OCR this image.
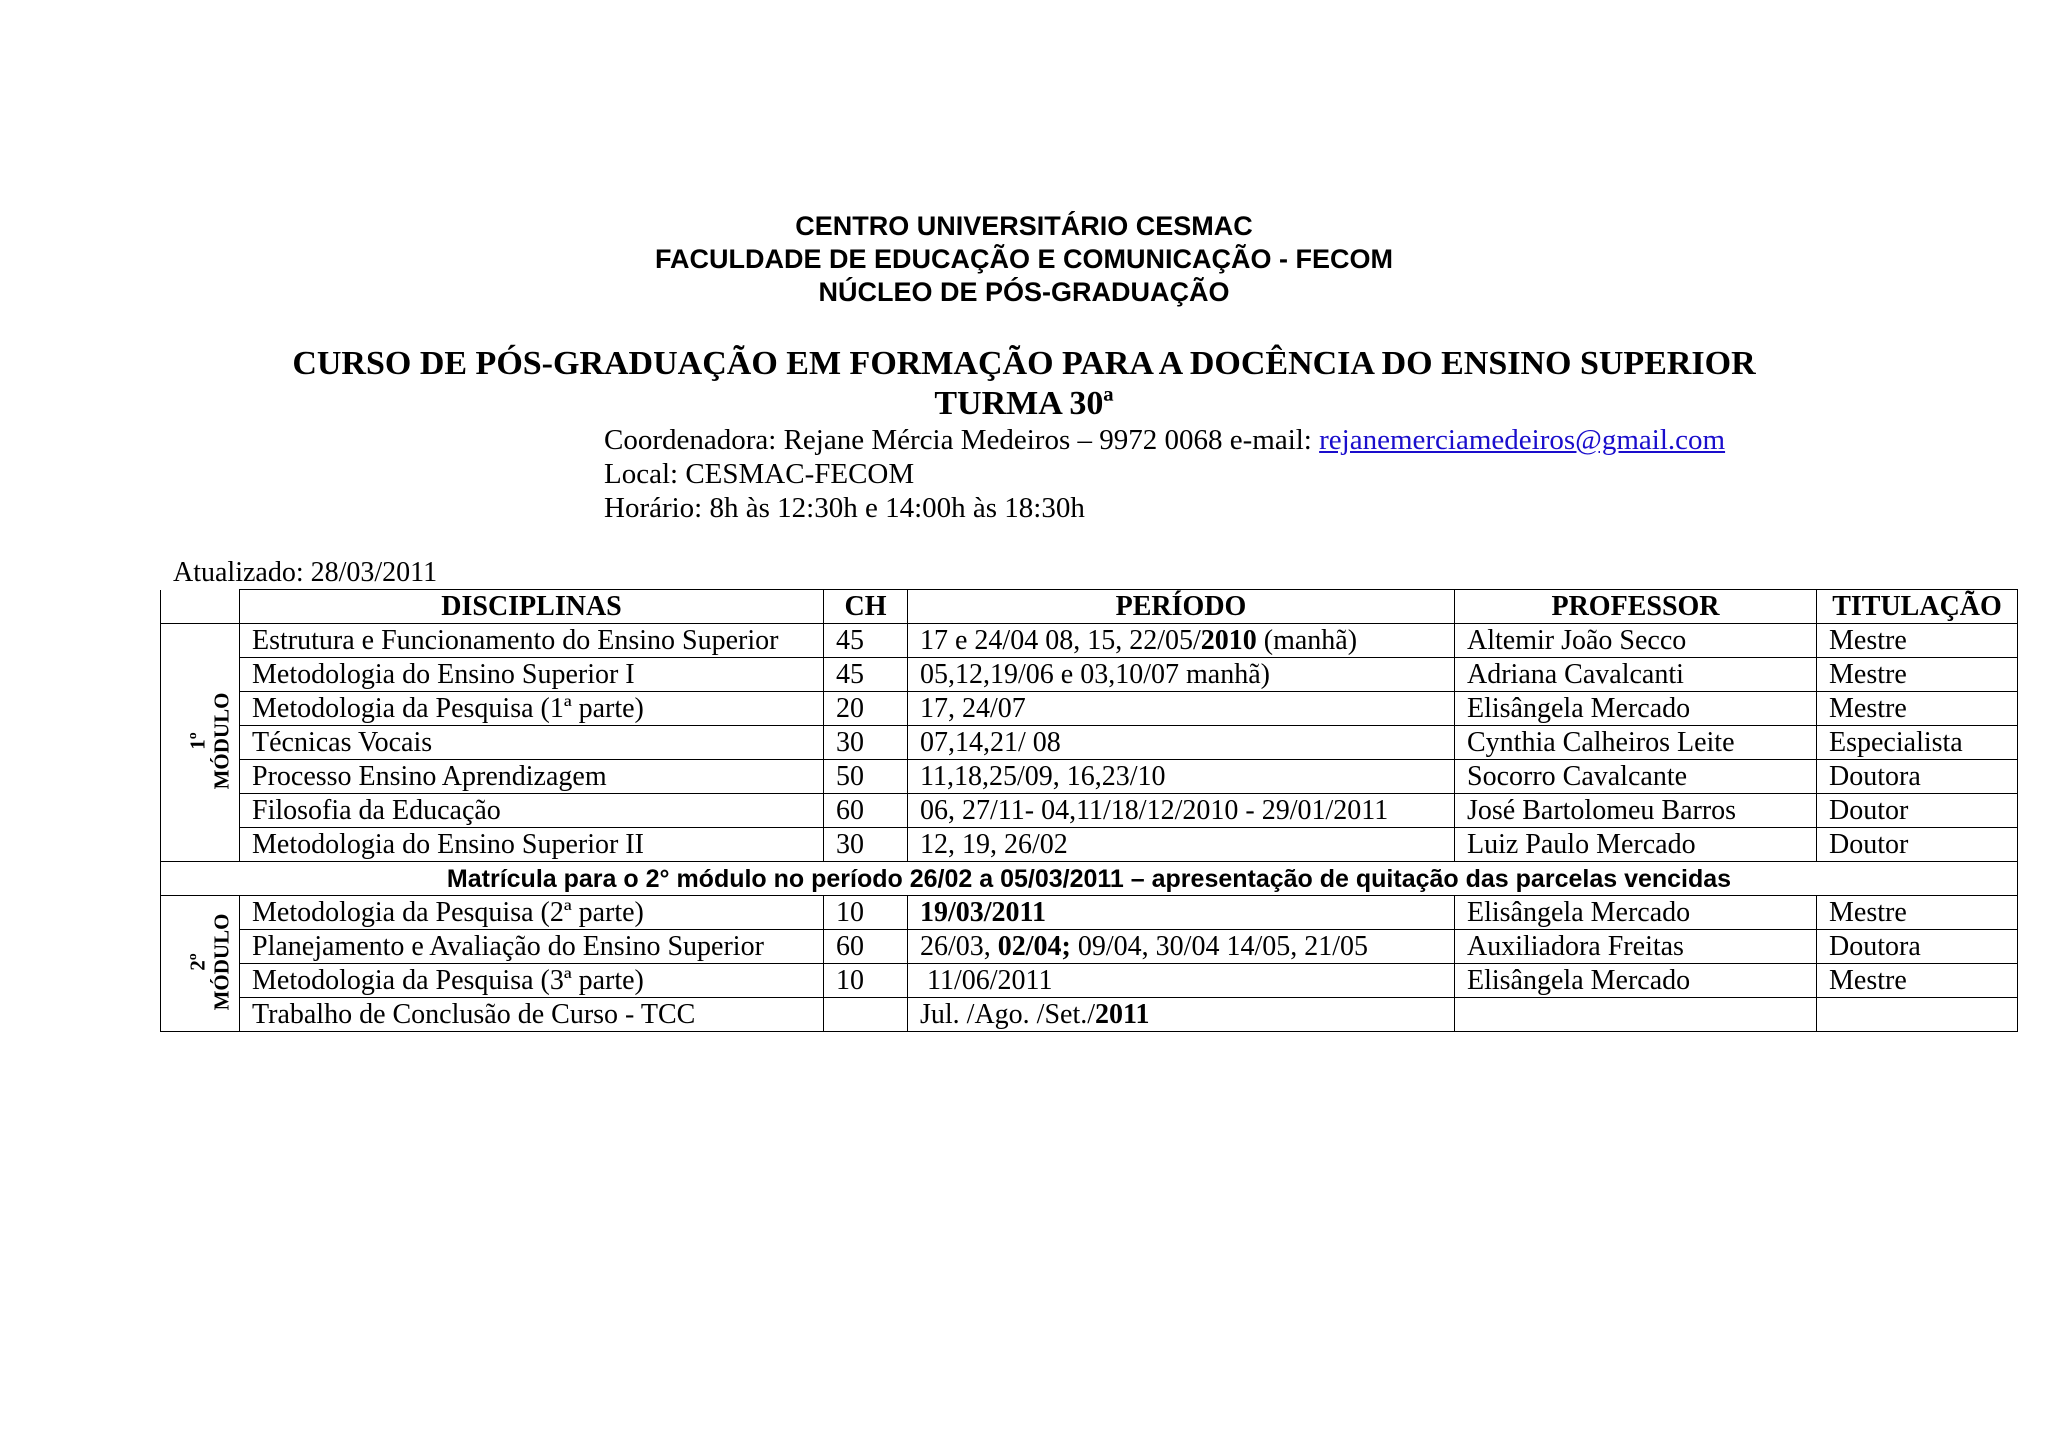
CENTRO UNIVERSITÁRIO CESMAC
FACULDADE DE EDUCAÇÃO E COMUNICAÇÃO - FECOM
NÚCLEO DE PÓS-GRADUAÇÃO
CURSO DE PÓS-GRADUAÇÃO EM FORMAÇÃO PARA A DOCÊNCIA DO ENSINO SUPERIOR
TURMA 30ª
Coordenadora: Rejane Mércia Medeiros – 9972 0068 e-mail: rejanemerciamedeiros@gmail.com
Local: CESMAC-FECOM
Horário: 8h às 12:30h e 14:00h às 18:30h
Atualizado: 28/03/2011
	DISCIPLINAS	CH	PERÍODO	PROFESSOR	TITULAÇÃO
1º
MÓDULO	Estrutura e Funcionamento do Ensino Superior	45	17 e 24/04 08, 15, 22/05/2010 (manhã)	Altemir João Secco	Mestre
	Metodologia do Ensino Superior I	45	05,12,19/06 e 03,10/07 manhã)	Adriana Cavalcanti	Mestre
	Metodologia da Pesquisa (1ª parte)	20	17, 24/07	Elisângela Mercado	Mestre
	Técnicas Vocais	30	07,14,21/ 08	Cynthia Calheiros Leite	Especialista
	Processo Ensino Aprendizagem	50	11,18,25/09, 16,23/10	Socorro Cavalcante	Doutora
	Filosofia da Educação	60	06, 27/11- 04,11/18/12/2010 - 29/01/2011	José Bartolomeu Barros	Doutor
	Metodologia do Ensino Superior II	30	12, 19, 26/02	Luiz Paulo Mercado	Doutor
Matrícula para o 2° módulo no período 26/02 a 05/03/2011 – apresentação de quitação das parcelas vencidas					
2º
MÓDULO	Metodologia da Pesquisa (2ª parte)	10	19/03/2011	Elisângela Mercado	Mestre
	Planejamento e Avaliação do Ensino Superior	60	26/03, 02/04; 09/04, 30/04 14/05, 21/05	Auxiliadora Freitas	Doutora
	Metodologia da Pesquisa (3ª parte)	10	11/06/2011	Elisângela Mercado	Mestre
	Trabalho de Conclusão de Curso - TCC		Jul. /Ago. /Set./2011		
